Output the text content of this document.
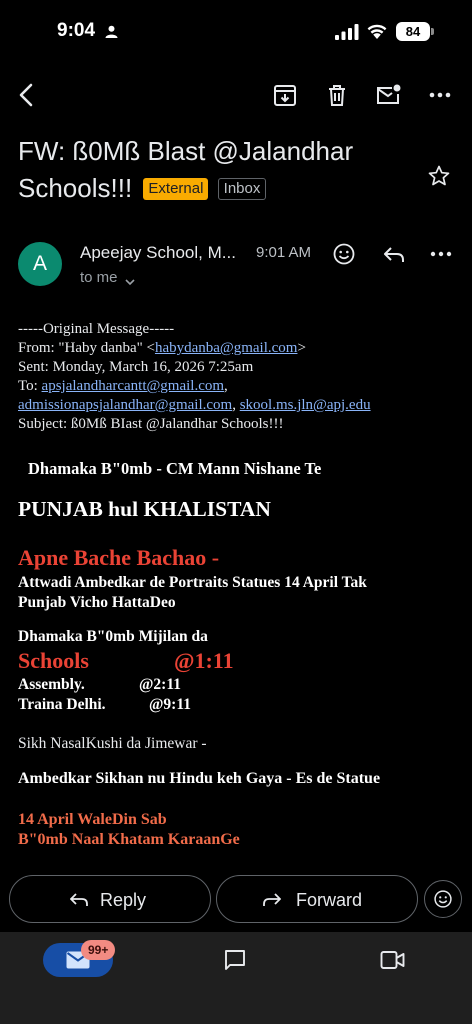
9:04	84
FW: ß0Mß Blast @Jalandhar Schools!!! External Inbox
A	Apeejay School, M...	9:01 AM
to me
-----Original Message-----
From: "Haby danba" <habydanba@gmail.com>
Sent: Monday, March 16, 2026 7:25am
To: apsjalandharcantt@gmail.com,
admissionapsjalandhar@gmail.com, skool.ms.jln@apj.edu
Subject: ß0Mß BIast @Jalandhar Schools!!!
Dhamaka B"0mb - CM Mann Nishane Te
PUNJAB hul KHALISTAN
Apne Bache Bachao -
Attwadi Ambedkar de Portraits Statues 14 April Tak
Punjab Vicho HattaDeo
Dhamaka B"0mb Mijilan da
Schools	@1:11
Assembly.	@2:11
Traina Delhi.	@9:11
Sikh NasalKushi da Jimewar -
Ambedkar Sikhan nu Hindu keh Gaya - Es de Statue
14 April WaleDin Sab
B"0mb Naal Khatam KaraanGe
Reply	Forward
99+
